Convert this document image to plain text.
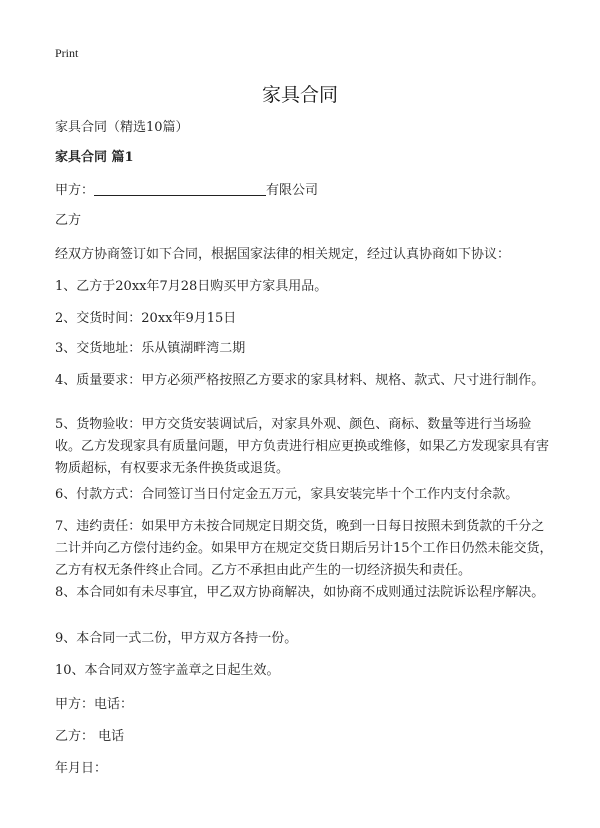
Print
家具合同
家具合同（精选10篇）
家具合同 篇1
甲方：	有限公司
乙方
经双方协商签订如下合同，根据国家法律的相关规定，经过认真协商如下协议：
1、乙方于20xx年7月28日购买甲方家具用品。
2、交货时间：20xx年9月15日
3、交货地址：乐从镇湖畔湾二期
4、质量要求：甲方必须严格按照乙方要求的家具材料、规格、款式、尺寸进行制作。
5、货物验收：甲方交货安装调试后，对家具外观、颜色、商标、数量等进行当场验收。乙方发现家具有质量问题，甲方负责进行相应更换或维修，如果乙方发现家具有害物质超标，有权要求无条件换货或退货。
6、付款方式：合同签订当日付定金五万元，家具安装完毕十个工作内支付余款。
7、违约责任：如果甲方未按合同规定日期交货，晚到一日每日按照未到货款的千分之二计并向乙方偿付违约金。如果甲方在规定交货日期后另计15个工作日仍然未能交货，乙方有权无条件终止合同。乙方不承担由此产生的一切经济损失和责任。
8、本合同如有未尽事宜，甲乙双方协商解决，如协商不成则通过法院诉讼程序解决。
9、本合同一式二份，甲方双方各持一份。
10、本合同双方签字盖章之日起生效。
甲方：电话：
乙方： 电话
年月日：
